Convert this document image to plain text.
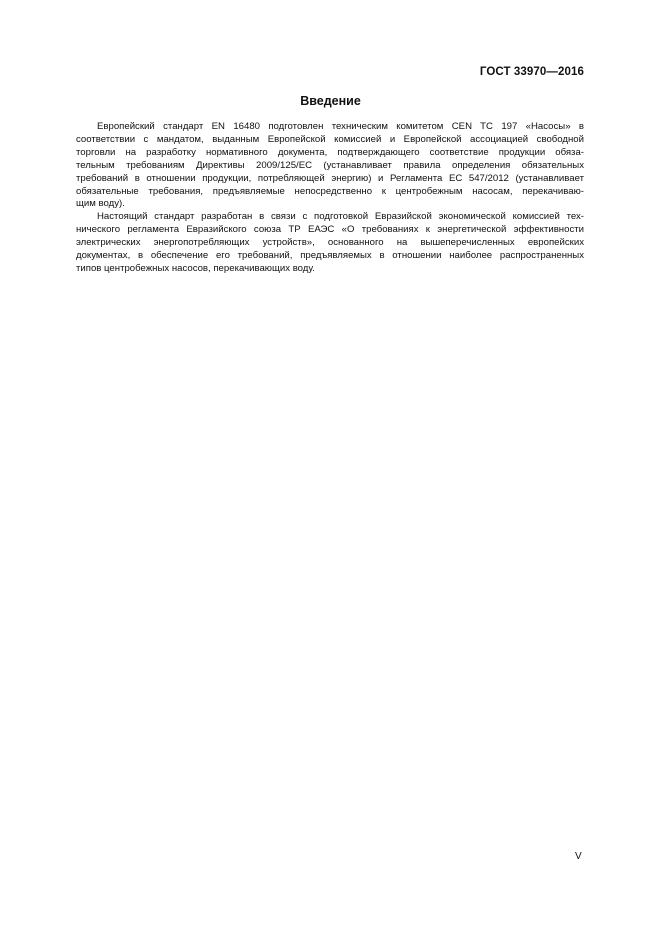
ГОСТ 33970—2016
Введение
Европейский стандарт EN 16480 подготовлен техническим комитетом CEN TC 197 «Насосы» в
соответствии с мандатом, выданным Европейской комиссией и Европейской ассоциацией свободной
торговли на разработку нормативного документа, подтверждающего соответствие продукции обяза-
тельным требованиям Директивы 2009/125/EC (устанавливает правила определения обязательных
требований в отношении продукции, потребляющей энергию) и Регламента ЕС 547/2012 (устанавливает
обязательные требования, предъявляемые непосредственно к центробежным насосам, перекачиваю-
щим воду).
Настоящий стандарт разработан в связи с подготовкой Евразийской экономической комиссией тех-
нического регламента Евразийского союза ТР ЕАЭС «О требованиях к энергетической эффективности
электрических энергопотребляющих устройств», основанного на вышеперечисленных европейских
документах, в обеспечение его требований, предъявляемых в отношении наиболее распространенных
типов центробежных насосов, перекачивающих воду.
V
